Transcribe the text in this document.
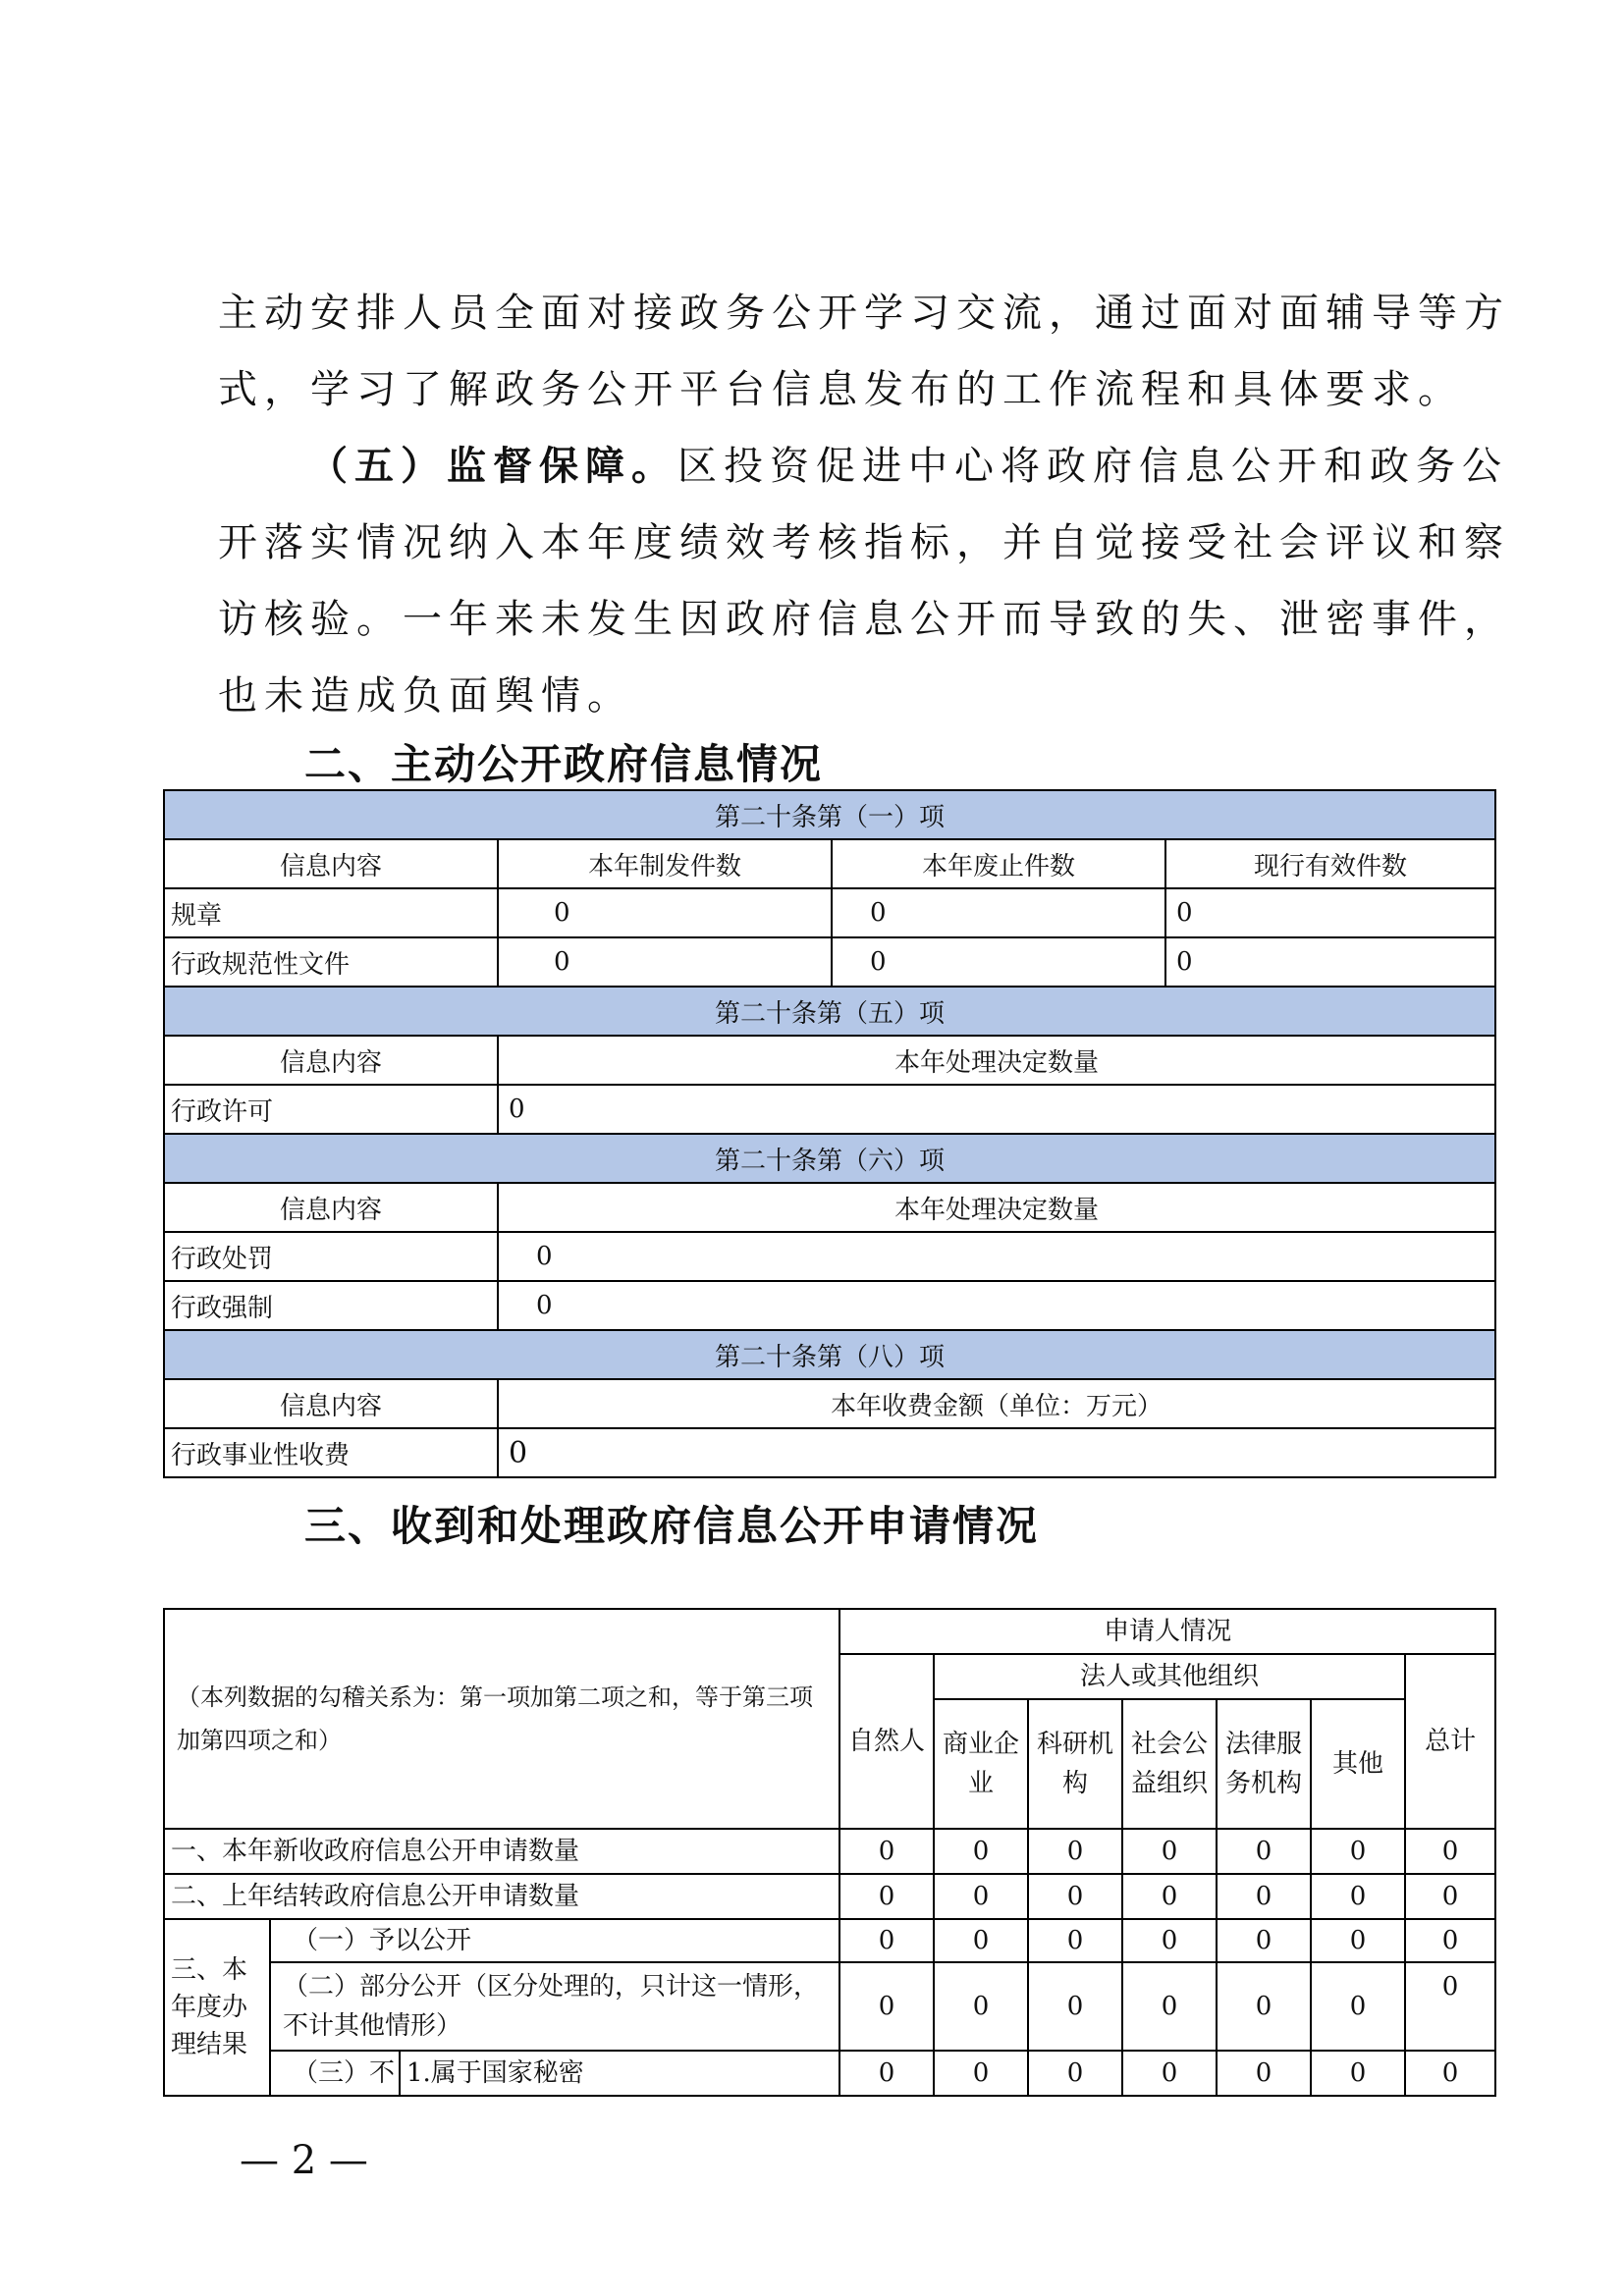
主动安排人员全面对接政务公开学习交流，通过面对面辅导等方
式，学习了解政务公开平台信息发布的工作流程和具体要求。

（五）监督保障。区投资促进中心将政府信息公开和政务公
开落实情况纳入本年度绩效考核指标，并自觉接受社会评议和察
访核验。一年来未发生因政府信息公开而导致的失、泄密事件，
也未造成负面舆情。

二、主动公开政府信息情况
第二十条第（一）项			
信息内容	本年制发件数	本年废止件数	现行有效件数
规章	0	0	0
行政规范性文件	0	0	0
第二十条第（五）项			
信息内容	本年处理决定数量		
行政许可	0		
第二十条第（六）项			
信息内容	本年处理决定数量		
行政处罚	0		
行政强制	0		
第二十条第（八）项			
信息内容	本年收费金额（单位：万元）		
行政事业性收费	0		
三、收到和处理政府信息公开申请情况
（本列数据的勾稽关系为：第一项加第二项之和，等于第三项加第四项之和）			申请人情况						
			自然人	法人或其他组织					总计
				商业企业	科研机构	社会公益组织	法律服务机构	其他	
一、本年新收政府信息公开申请数量			0	0	0	0	0	0	0
二、上年结转政府信息公开申请数量			0	0	0	0	0	0	0
三、本年度办理结果	（一）予以公开		0	0	0	0	0	0	0
	（二）部分公开（区分处理的，只计这一情形，不计其他情形）		0	0	0	0	0	0	0
	（三）不	1.属于国家秘密	0	0	0	0	0	0	0
— 2 —
